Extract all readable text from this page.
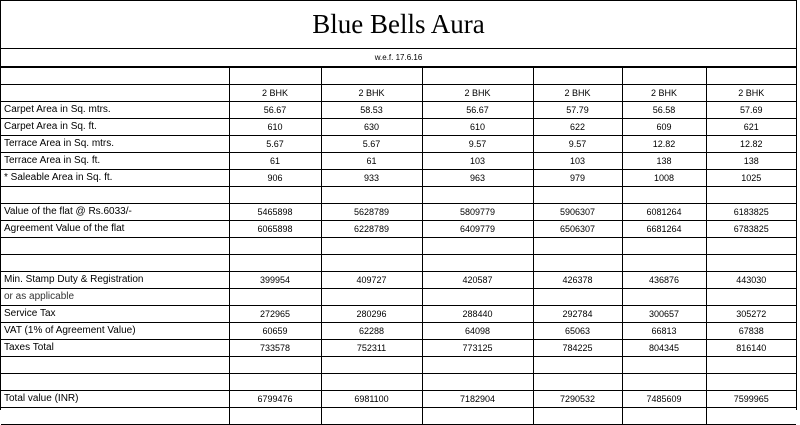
Blue Bells Aura
w.e.f. 17.6.16

	2 BHK	2 BHK	2 BHK	2 BHK	2 BHK	2 BHK
Carpet Area in Sq. mtrs.	56.67	58.53	56.67	57.79	56.58	57.69
Carpet Area in Sq. ft.	610	630	610	622	609	621
Terrace Area in Sq. mtrs.	5.67	5.67	9.57	9.57	12.82	12.82
Terrace Area in Sq. ft.	61	61	103	103	138	138
* Saleable Area in Sq. ft.	906	933	963	979	1008	1025

Value of the flat @ Rs.6033/-	5465898	5628789	5809779	5906307	6081264	6183825
Agreement Value of the flat	6065898	6228789	6409779	6506307	6681264	6783825

Min. Stamp Duty & Registration	399954	409727	420587	426378	436876	443030
or as applicable						
Service Tax	272965	280296	288440	292784	300657	305272
VAT (1% of Agreement Value)	60659	62288	64098	65063	66813	67838
Taxes Total	733578	752311	773125	784225	804345	816140

Total value (INR)	6799476	6981100	7182904	7290532	7485609	7599965
